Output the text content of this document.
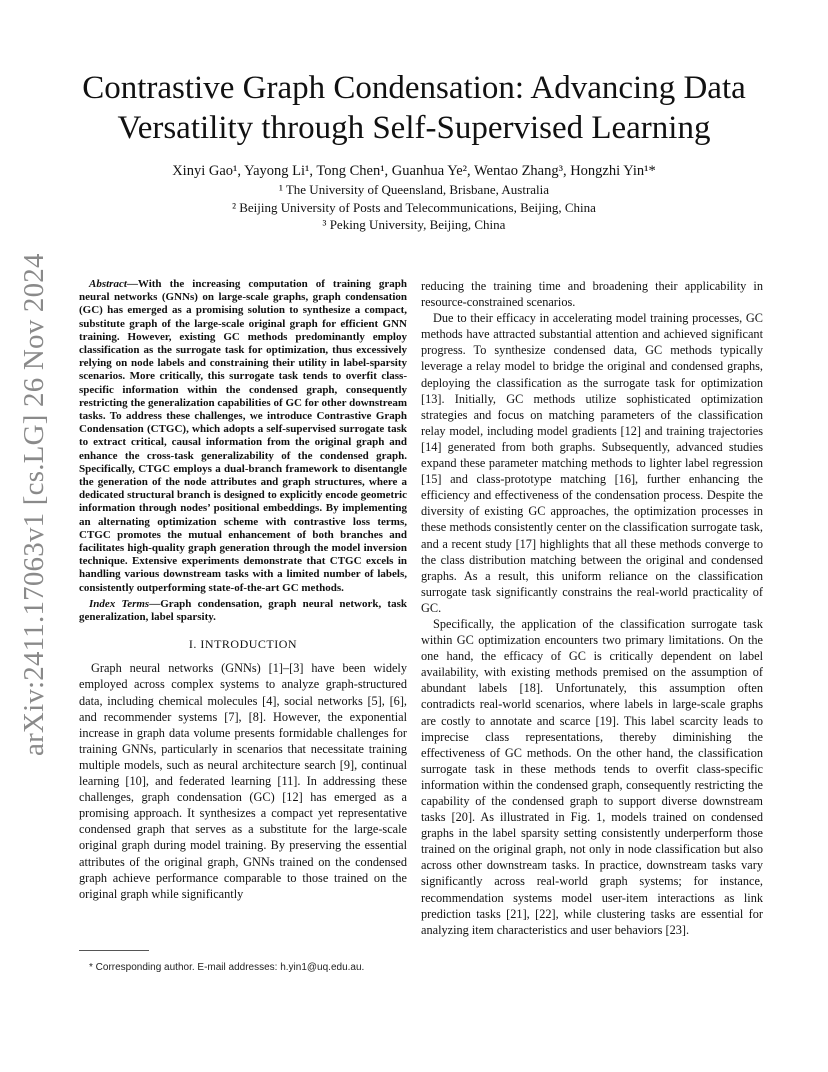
Contrastive Graph Condensation: Advancing Data Versatility through Self-Supervised Learning
Xinyi Gao¹, Yayong Li¹, Tong Chen¹, Guanhua Ye², Wentao Zhang³, Hongzhi Yin¹*
¹ The University of Queensland, Brisbane, Australia
² Beijing University of Posts and Telecommunications, Beijing, China
³ Peking University, Beijing, China
arXiv:2411.17063v1 [cs.LG] 26 Nov 2024	Abstract—With the increasing computation of training graph neural networks (GNNs) on large-scale graphs, graph condensation (GC) has emerged as a promising solution to synthesize a compact, substitute graph of the large-scale original graph for efficient GNN training. However, existing GC methods predominantly employ classification as the surrogate task for optimization, thus excessively relying on node labels and constraining their utility in label-sparsity scenarios. More critically, this surrogate task tends to overfit class-specific information within the condensed graph, consequently restricting the generalization capabilities of GC for other downstream tasks. To address these challenges, we introduce Contrastive Graph Condensation (CTGC), which adopts a self-supervised surrogate task to extract critical, causal information from the original graph and enhance the cross-task generalizability of the condensed graph. Specifically, CTGC employs a dual-branch framework to disentangle the generation of the node attributes and graph structures, where a dedicated structural branch is designed to explicitly encode geometric information through nodes’ positional embeddings. By implementing an alternating optimization scheme with contrastive loss terms, CTGC promotes the mutual enhancement of both branches and facilitates high-quality graph generation through the model inversion technique. Extensive experiments demonstrate that CTGC excels in handling various downstream tasks with a limited number of labels, consistently outperforming state-of-the-art GC methods.

Index Terms—Graph condensation, graph neural network, task generalization, label sparsity.

I. INTRODUCTION

Graph neural networks (GNNs) [1]–[3] have been widely employed across complex systems to analyze graph-structured data, including chemical molecules [4], social networks [5], [6], and recommender systems [7], [8]. However, the exponential increase in graph data volume presents formidable challenges for training GNNs, particularly in scenarios that necessitate training multiple models, such as neural architecture search [9], continual learning [10], and federated learning [11]. In addressing these challenges, graph condensation (GC) [12] has emerged as a promising approach. It synthesizes a compact yet representative condensed graph that serves as a substitute for the large-scale original graph during model training. By preserving the essential attributes of the original graph, GNNs trained on the condensed graph achieve performance comparable to those trained on the original graph while significantly

reducing the training time and broadening their applicability in resource-constrained scenarios.

Due to their efficacy in accelerating model training processes, GC methods have attracted substantial attention and achieved significant progress. To synthesize condensed data, GC methods typically leverage a relay model to bridge the original and condensed graphs, deploying the classification as the surrogate task for optimization [13]. Initially, GC methods utilize sophisticated optimization strategies and focus on matching parameters of the classification relay model, including model gradients [12] and training trajectories [14] generated from both graphs. Subsequently, advanced studies expand these parameter matching methods to lighter label regression [15] and class-prototype matching [16], further enhancing the efficiency and effectiveness of the condensation process. Despite the diversity of existing GC approaches, the optimization processes in these methods consistently center on the classification surrogate task, and a recent study [17] highlights that all these methods converge to the class distribution matching between the original and condensed graphs. As a result, this uniform reliance on the classification surrogate task significantly constrains the real-world practicality of GC.

Specifically, the application of the classification surrogate task within GC optimization encounters two primary limitations. On the one hand, the efficacy of GC is critically dependent on label availability, with existing methods premised on the assumption of abundant labels [18]. Unfortunately, this assumption often contradicts real-world scenarios, where labels in large-scale graphs are costly to annotate and scarce [19]. This label scarcity leads to imprecise class representations, thereby diminishing the effectiveness of GC methods. On the other hand, the classification surrogate task in these methods tends to overfit class-specific information within the condensed graph, consequently restricting the capability of the condensed graph to support diverse downstream tasks [20]. As illustrated in Fig. 1, models trained on condensed graphs in the label sparsity setting consistently underperform those trained on the original graph, not only in node classification but also across other downstream tasks. In practice, downstream tasks vary significantly across real-world graph systems; for instance, recommendation systems model user-item interactions as link prediction tasks [21], [22], while clustering tasks are essential for analyzing item characteristics and user behaviors [23].

* Corresponding author. E-mail addresses: h.yin1@uq.edu.au.
